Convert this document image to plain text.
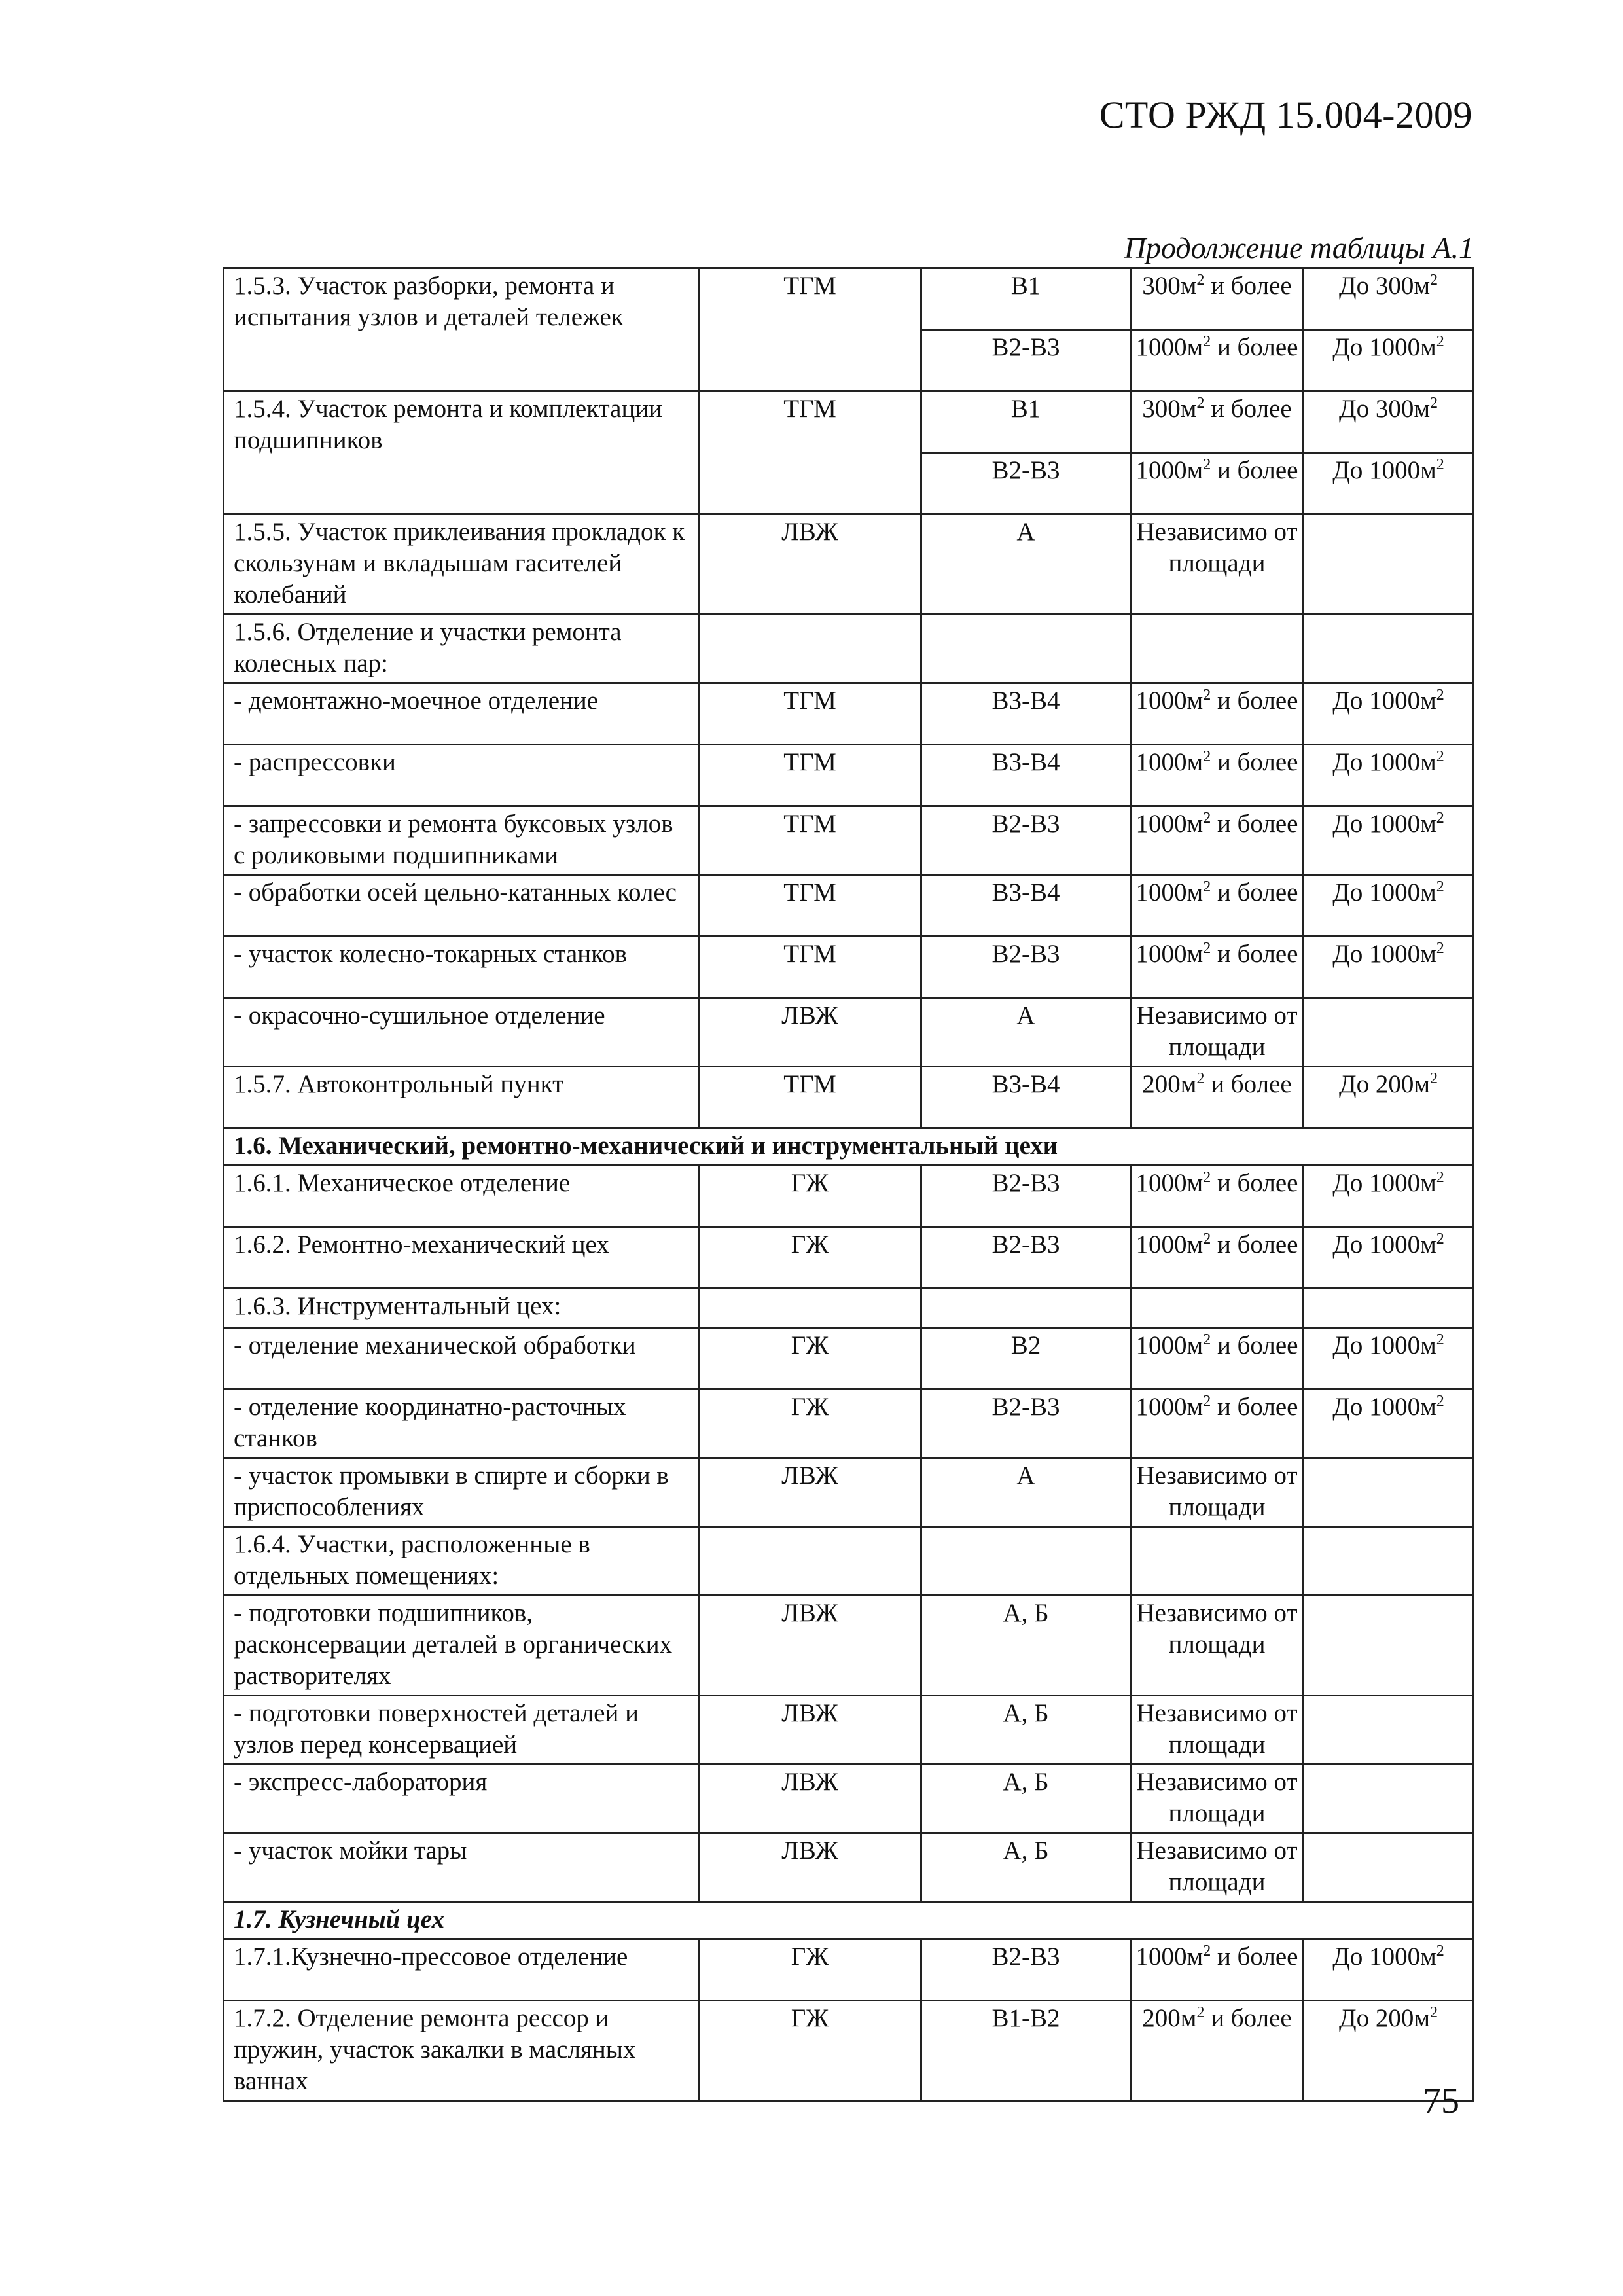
СТО РЖД 15.004-2009
Продолжение таблицы А.1
1.5.3. Участок разборки, ремонта и испытания узлов и деталей тележек	ТГМ	В1	$300м^2$ и более	До $300м^2$
		В2-В3	$1000м^2$ и более	До $1000м^2$
1.5.4. Участок ремонта и комплектации подшипников	ТГМ	В1	$300м^2$ и более	До $300м^2$
		В2-В3	$1000м^2$ и более	До $1000м^2$
1.5.5. Участок приклеивания прокладок к скользунам и вкладышам гасителей колебаний	ЛВЖ	А	Независимо от площади	
1.5.6. Отделение и участки ремонта колесных пар:				
- демонтажно-моечное отделение	ТГМ	В3-В4	$1000м^2$ и более	До $1000м^2$
- распрессовки	ТГМ	В3-В4	$1000м^2$ и более	До $1000м^2$
- запрессовки и ремонта буксовых узлов с роликовыми подшипниками	ТГМ	В2-В3	$1000м^2$ и более	До $1000м^2$
- обработки осей цельно-катанных колес	ТГМ	В3-В4	$1000м^2$ и более	До $1000м^2$
- участок колесно-токарных станков	ТГМ	В2-В3	$1000м^2$ и более	До $1000м^2$
- окрасочно-сушильное отделение	ЛВЖ	А	Независимо от площади	
1.5.7. Автоконтрольный пункт	ТГМ	В3-В4	$200м^2$ и более	До $200м^2$
1.6. Механический, ремонтно-механический и инструментальный цехи				
1.6.1. Механическое отделение	ГЖ	В2-В3	$1000м^2$ и более	До $1000м^2$
1.6.2. Ремонтно-механический цех	ГЖ	В2-В3	$1000м^2$ и более	До $1000м^2$
1.6.3. Инструментальный цех:				
- отделение механической обработки	ГЖ	В2	$1000м^2$ и более	До $1000м^2$
- отделение координатно-расточных станков	ГЖ	В2-В3	$1000м^2$ и более	До $1000м^2$
- участок промывки в спирте и сборки в приспособлениях	ЛВЖ	А	Независимо от площади	
1.6.4. Участки, расположенные в отдельных помещениях:				
- подготовки подшипников, расконсервации деталей в органических растворителях	ЛВЖ	А, Б	Независимо от площади	
- подготовки поверхностей деталей и узлов перед консервацией	ЛВЖ	А, Б	Независимо от площади	
- экспресс-лаборатория	ЛВЖ	А, Б	Независимо от площади	
- участок мойки тары	ЛВЖ	А, Б	Независимо от площади	
1.7. Кузнечный цех				
1.7.1.Кузнечно-прессовое отделение	ГЖ	В2-В3	$1000м^2$ и более	До $1000м^2$
1.7.2. Отделение ремонта рессор и пружин, участок закалки в масляных ваннах	ГЖ	В1-В2	$200м^2$ и более	До $200м^2$
75
